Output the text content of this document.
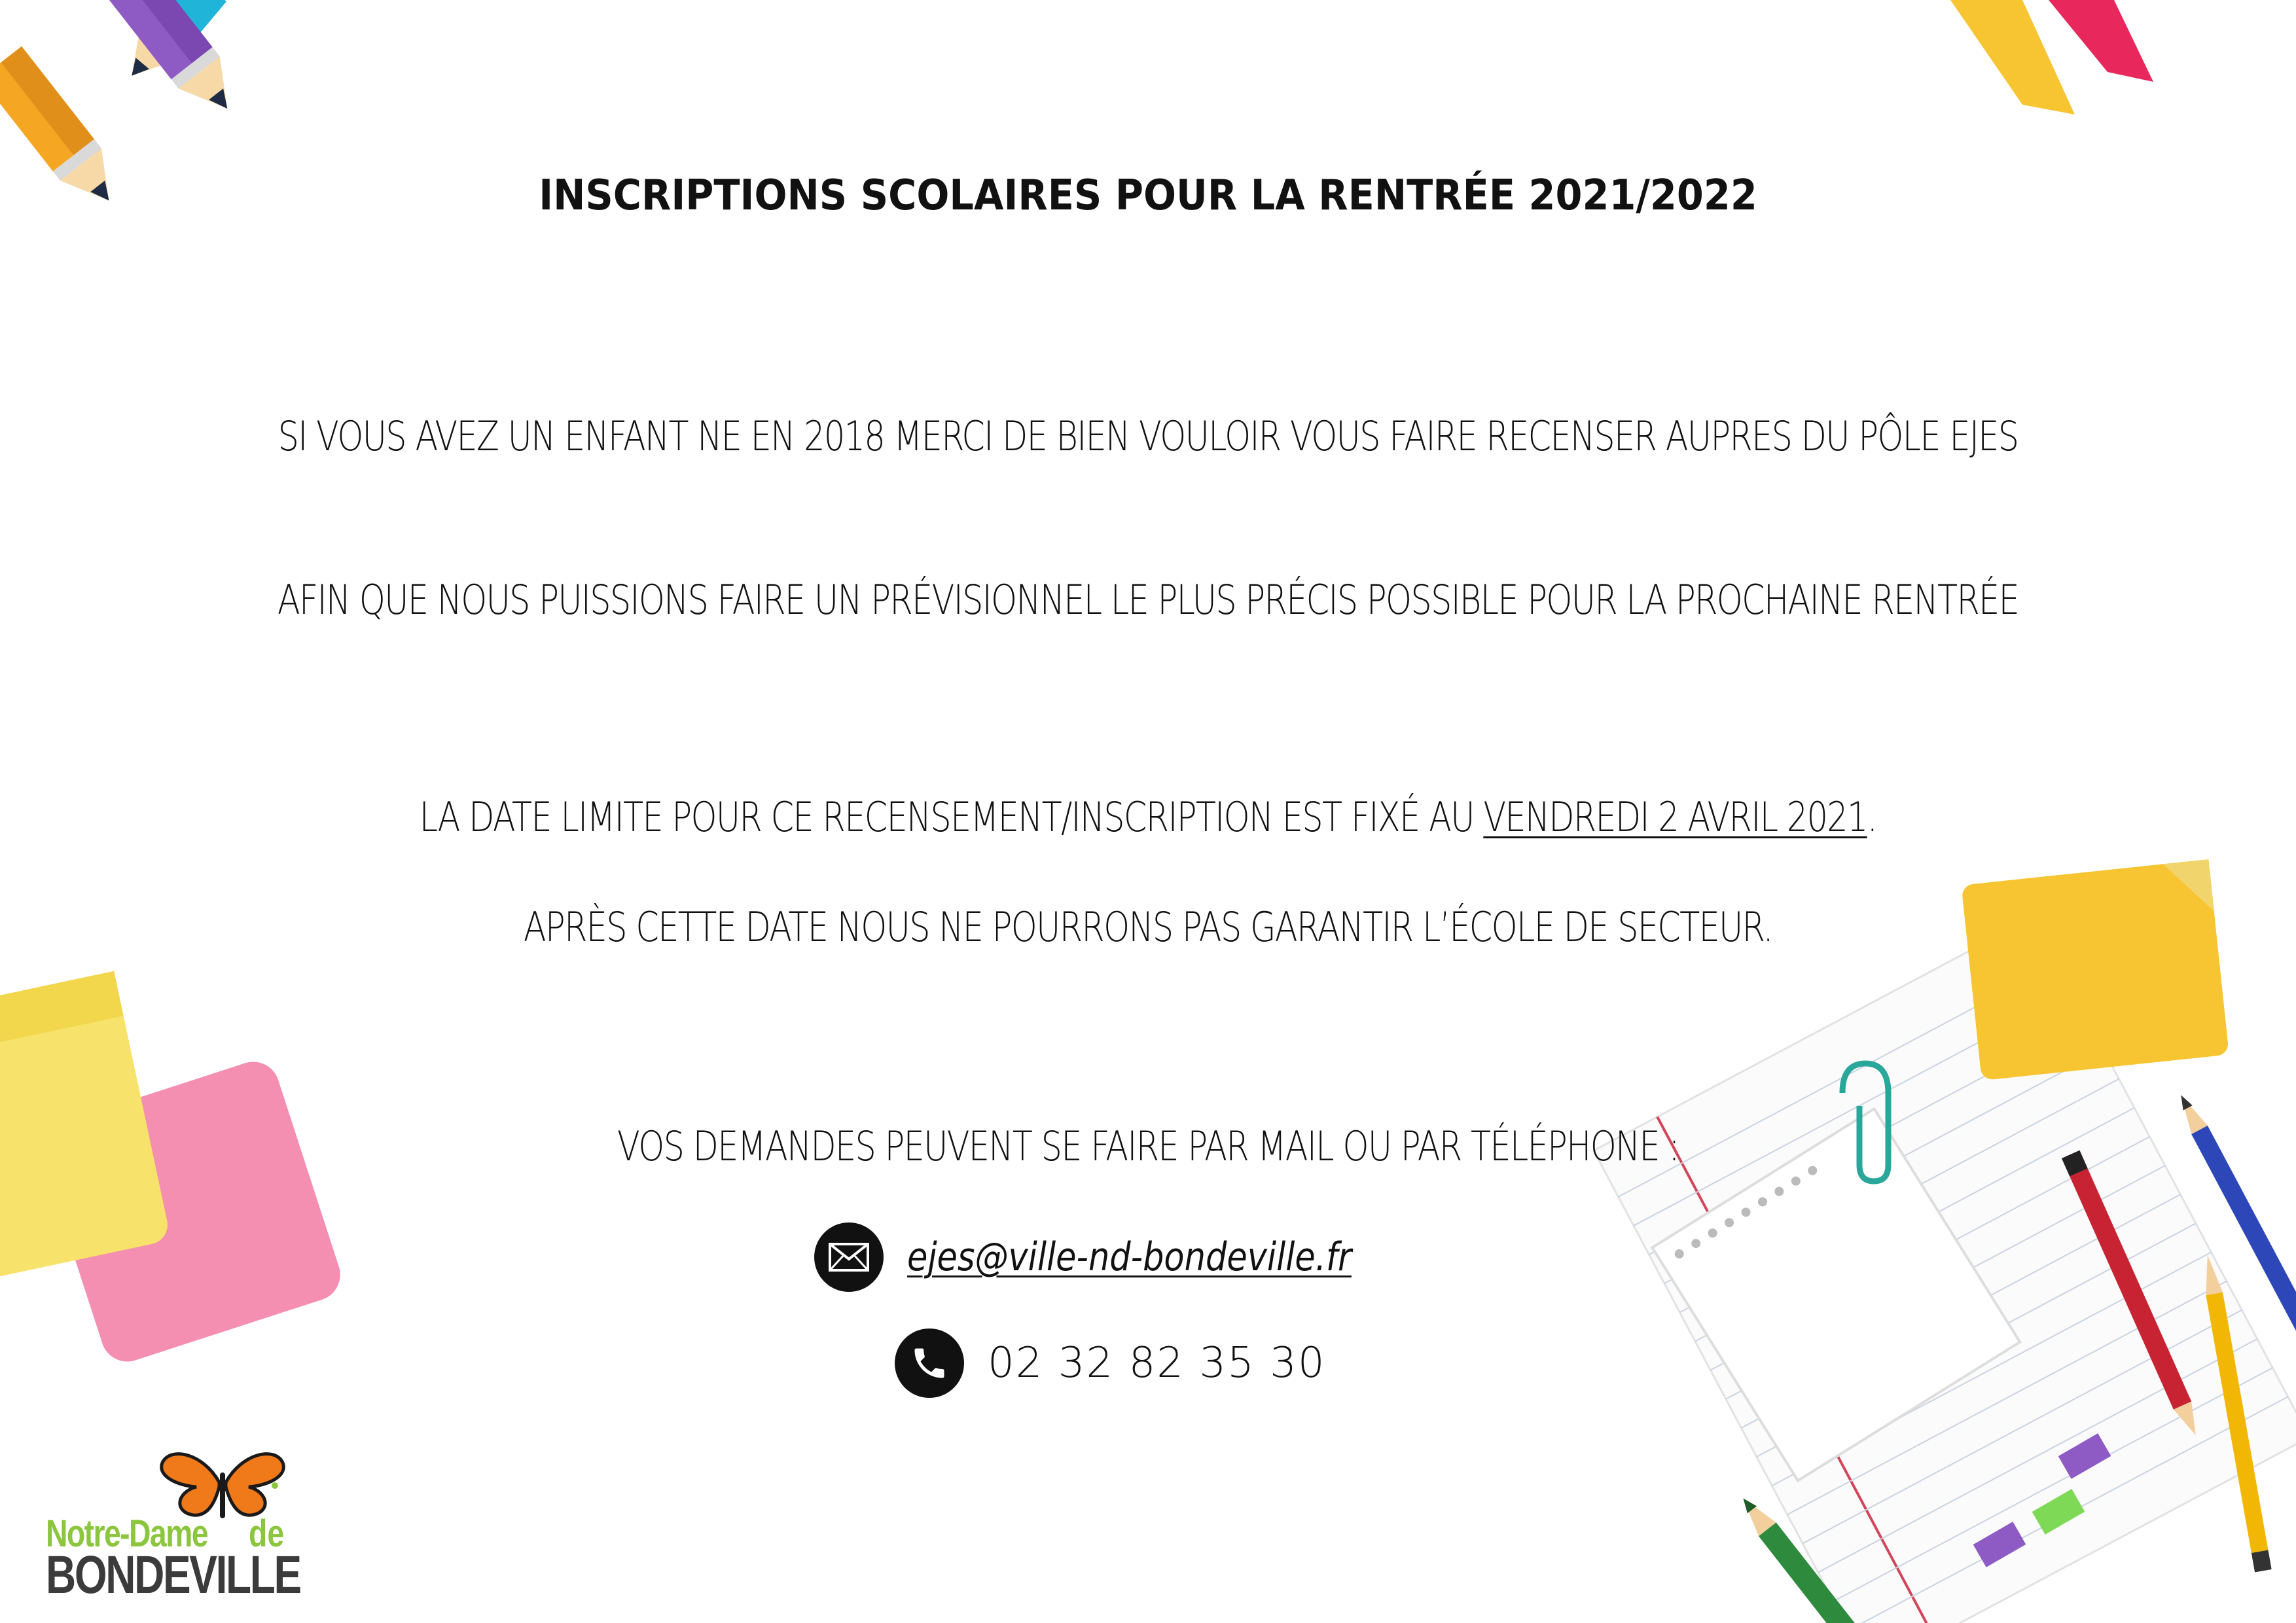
INSCRIPTIONS SCOLAIRES POUR LA RENTRÉE 2021/2022
SI VOUS AVEZ UN ENFANT NE EN 2018 MERCI DE BIEN VOULOIR VOUS FAIRE RECENSER AUPRES DU PÔLE EJES
AFIN QUE NOUS PUISSIONS FAIRE UN PRÉVISIONNEL LE PLUS PRÉCIS POSSIBLE POUR LA PROCHAINE RENTRÉE
LA DATE LIMITE POUR CE RECENSEMENT/INSCRIPTION EST FIXÉ AU VENDREDI 2 AVRIL 2021.
APRÈS CETTE DATE NOUS NE POURRONS PAS GARANTIR L’ÉCOLE DE SECTEUR.
VOS DEMANDES PEUVENT SE FAIRE PAR MAIL OU PAR TÉLÉPHONE :
ejes@ville-nd-bondeville.fr
02 32 82 35 30
Notre-Dame de
BONDEVILLE
